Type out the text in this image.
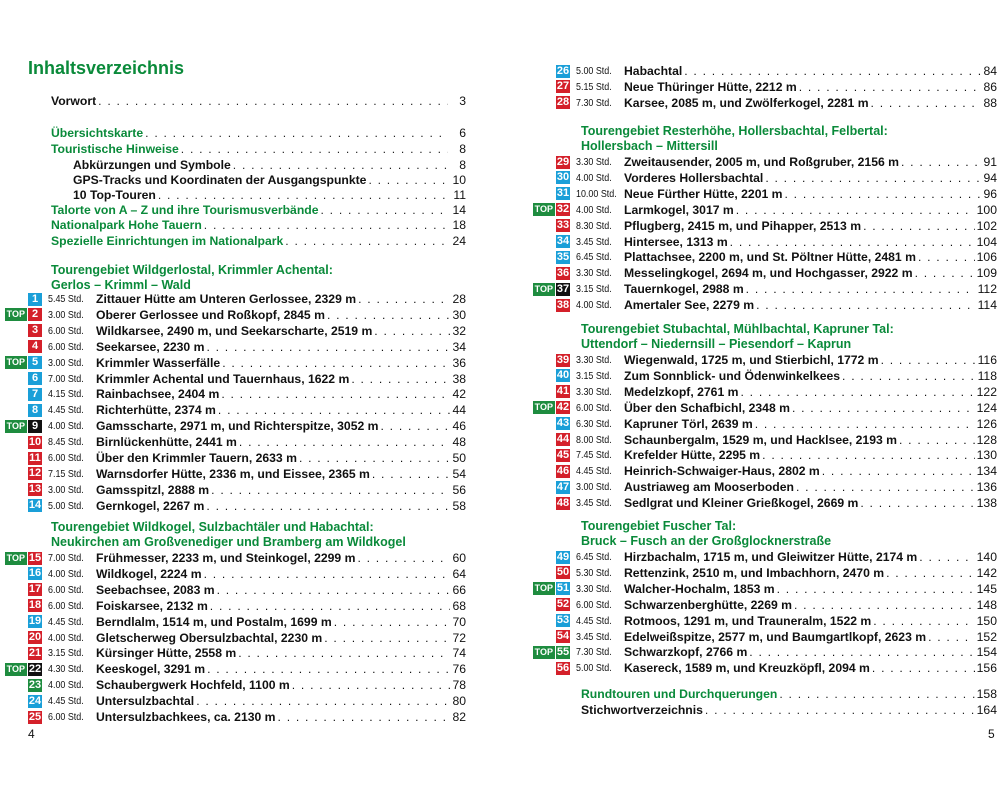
Inhaltsverzeichnis
Vorwort . . .	3
Übersichtskarte . . .	6
Touristische Hinweise . . .	8
Abkürzungen und Symbole . . .	8
GPS-Tracks und Koordinaten der Ausgangspunkte . . .	10
10 Top-Touren . . .	11
Talorte von A – Z und ihre Tourismusverbände . . .	14
Nationalpark Hohe Tauern . . .	18
Spezielle Einrichtungen im Nationalpark . . .	24
Tourengebiet Wildgerlostal, Krimmler Achental:
Gerlos – Krimml – Wald
1 5.45 Std.	Zittauer Hütte am Unteren Gerlossee, 2329 m . . .	28
TOP 2 3.00 Std.	Oberer Gerlossee und Roßkopf, 2845 m . . .	30
3 6.00 Std.	Wildkarsee, 2490 m, und Seekarscharte, 2519 m . . .	32
4 6.00 Std.	Seekarsee, 2230 m . . .	34
TOP 5 3.00 Std.	Krimmler Wasserfälle . . .	36
6 7.00 Std.	Krimmler Achental und Tauernhaus, 1622 m . . .	38
7 4.15 Std.	Rainbachsee, 2404 m . . .	42
8 4.45 Std.	Richterhütte, 2374 m . . .	44
TOP 9 4.00 Std.	Gamsscharte, 2971 m, und Richterspitze, 3052 m . . .	46
10 8.45 Std.	Birnlückenhütte, 2441 m . . .	48
11 6.00 Std.	Über den Krimmler Tauern, 2633 m . . .	50
12 7.15 Std.	Warnsdorfer Hütte, 2336 m, und Eissee, 2365 m . . .	54
13 3.00 Std.	Gamsspitzl, 2888 m . . .	56
14 5.00 Std.	Gernkogel, 2267 m . . .	58
Tourengebiet Wildkogel, Sulzbachtäler und Habachtal:
Neukirchen am Großvenediger und Bramberg am Wildkogel
TOP 15 7.00 Std.	Frühmesser, 2233 m, und Steinkogel, 2299 m . . .	60
16 4.00 Std.	Wildkogel, 2224 m . . .	64
17 6.00 Std.	Seebachsee, 2083 m . . .	66
18 6.00 Std.	Foiskarsee, 2132 m . . .	68
19 4.45 Std.	Berndlalm, 1514 m, und Postalm, 1699 m . . .	70
20 4.00 Std.	Gletscherweg Obersulzbachtal, 2230 m . . .	72
21 3.15 Std.	Kürsinger Hütte, 2558 m . . .	74
TOP 22 4.30 Std.	Keeskogel, 3291 m . . .	76
23 4.00 Std.	Schaubergwerk Hochfeld, 1100 m . . .	78
24 4.45 Std.	Untersulzbachtal . . .	80
25 6.00 Std.	Untersulzbachkees, ca. 2130 m . . .	82
4
26 5.00 Std.	Habachtal . . .	84
27 5.15 Std.	Neue Thüringer Hütte, 2212 m . . .	86
28 7.30 Std.	Karsee, 2085 m, und Zwölferkogel, 2281 m . . .	88
Tourengebiet Resterhöhe, Hollersbachtal, Felbertal:
Hollersbach – Mittersill
29 3.30 Std.	Zweitausender, 2005 m, und Roßgruber, 2156 m . . .	91
30 4.00 Std.	Vorderes Hollersbachtal . . .	94
31 10.00 Std. Neue Fürther Hütte, 2201 m . . .	96
TOP 32 4.00 Std.	Larmkogel, 3017 m . . .	100
33 8.30 Std.	Pflugberg, 2415 m, und Pihapper, 2513 m . . .	102
34 3.45 Std.	Hintersee, 1313 m . . .	104
35 6.45 Std.	Plattachsee, 2200 m, und St. Pöltner Hütte, 2481 m . . .	106
36 3.30 Std.	Messelingkogel, 2694 m, und Hochgasser, 2922 m . . .	109
TOP 37 3.15 Std.	Tauernkogel, 2988 m . . .	112
38 4.00 Std.	Amertaler See, 2279 m . . .	114
Tourengebiet Stubachtal, Mühlbachtal, Kapruner Tal:
Uttendorf – Niedernsill – Piesendorf – Kaprun
39 3.30 Std.	Wiegenwald, 1725 m, und Stierbichl, 1772 m . . .	116
40 3.15 Std.	Zum Sonnblick- und Ödenwinkelkees . . .	118
41 3.30 Std.	Medelzkopf, 2761 m . . .	122
TOP 42 6.00 Std.	Über den Schafbichl, 2348 m . . .	124
43 6.30 Std.	Kapruner Törl, 2639 m . . .	126
44 8.00 Std.	Schaunbergalm, 1529 m, und Hacklsee, 2193 m . . .	128
45 7.45 Std.	Krefelder Hütte, 2295 m . . .	130
46 4.45 Std.	Heinrich-Schwaiger-Haus, 2802 m . . .	134
47 3.00 Std.	Austriaweg am Mooserboden . . .	136
48 3.45 Std.	Sedlgrat und Kleiner Grießkogel, 2669 m . . .	138
Tourengebiet Fuscher Tal:
Bruck – Fusch an der Großglocknerstraße
49 6.45 Std.	Hirzbachalm, 1715 m, und Gleiwitzer Hütte, 2174 m . . .	140
50 5.30 Std.	Rettenzink, 2510 m, und Imbachhorn, 2470 m . . .	142
TOP 51 3.30 Std.	Walcher-Hochalm, 1853 m . . .	145
52 6.00 Std.	Schwarzenberghütte, 2269 m . . .	148
53 4.45 Std.	Rotmoos, 1291 m, und Trauneralm, 1522 m . . .	150
54 3.45 Std.	Edelweißspitze, 2577 m, und Baumgartlkopf, 2623 m . . .	152
TOP 55 7.30 Std.	Schwarzkopf, 2766 m . . .	154
56 5.00 Std.	Kasereck, 1589 m, und Kreuzköpfl, 2094 m . . .	156
Rundtouren und Durchquerungen . . .	158
Stichwortverzeichnis . . .	164
5
